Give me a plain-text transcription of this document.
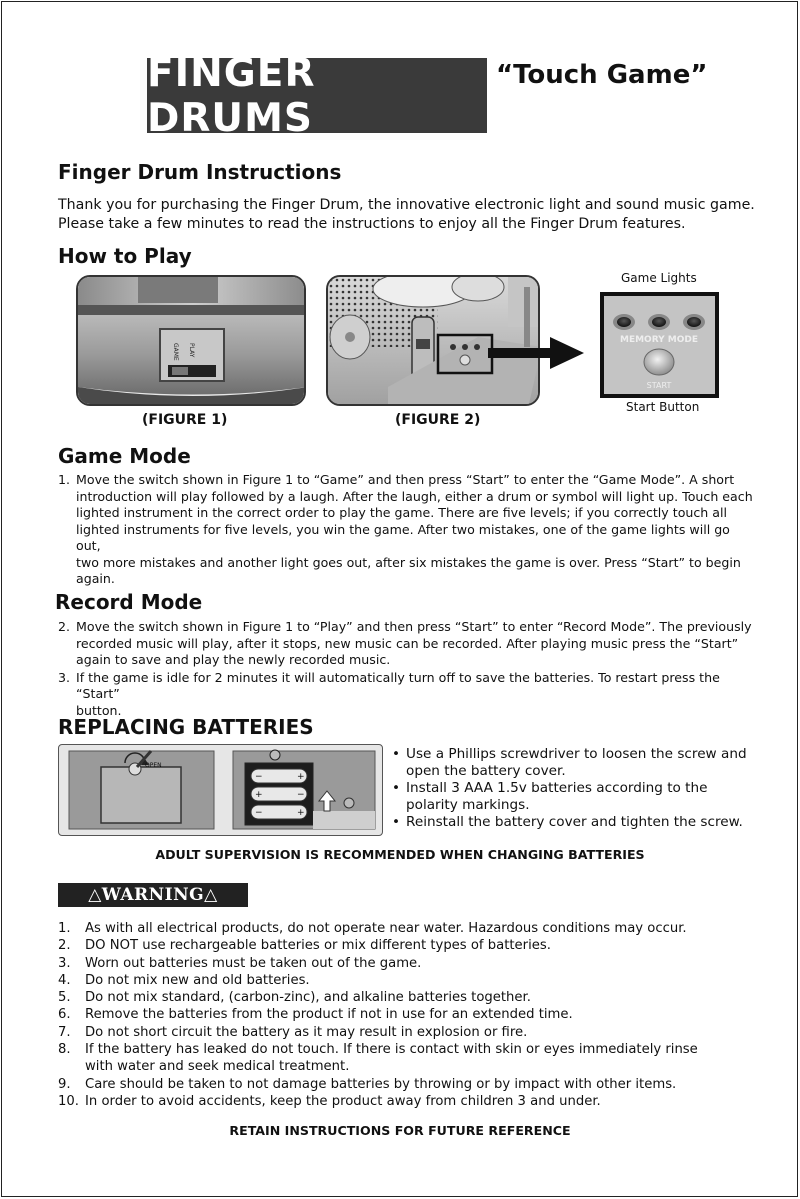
FINGER DRUMS
“Touch Game”
Finger Drum Instructions
Thank you for purchasing the Finger Drum, the innovative electronic light and sound music game.
Please take a few minutes to read the instructions to enjoy all the Finger Drum features.
How to Play
GAME PLAY
(FIGURE 1)	(FIGURE 2)
Game Lights
MEMORY MODE
START
Start Button
Game Mode
1. Move the switch shown in Figure 1 to “Game” and then press “Start” to enter the “Game Mode”. A short
introduction will play followed by a laugh. After the laugh, either a drum or symbol will light up. Touch each
lighted instrument in the correct order to play the game. There are five levels; if you correctly touch all
lighted instruments for five levels, you win the game. After two mistakes, one of the game lights will go out,
two more mistakes and another light goes out, after six mistakes the game is over. Press “Start” to begin
again.
Record Mode
2. Move the switch shown in Figure 1 to “Play” and then press “Start” to enter “Record Mode”. The previously
recorded music will play, after it stops, new music can be recorded. After playing music press the “Start”
again to save and play the newly recorded music.
3. If the game is idle for 2 minutes it will automatically turn off to save the batteries. To restart press the “Start”
button.
REPLACING BATTERIES
OPEN
−	+
+	−
−	+
• Use a Phillips screwdriver to loosen the screw and
open the battery cover.
• Install 3 AAA 1.5v batteries according to the
polarity markings.
• Reinstall the battery cover and tighten the screw.
ADULT SUPERVISION IS RECOMMENDED WHEN CHANGING BATTERIES
△WARNING△
1. As with all electrical products, do not operate near water. Hazardous conditions may occur.
2. DO NOT use rechargeable batteries or mix different types of batteries.
3. Worn out batteries must be taken out of the game.
4. Do not mix new and old batteries.
5. Do not mix standard, (carbon-zinc), and alkaline batteries together.
6. Remove the batteries from the product if not in use for an extended time.
7. Do not short circuit the battery as it may result in explosion or fire.
8. If the battery has leaked do not touch. If there is contact with skin or eyes immediately rinse
with water and seek medical treatment.
9. Care should be taken to not damage batteries by throwing or by impact with other items.
10. In order to avoid accidents, keep the product away from children 3 and under.
RETAIN INSTRUCTIONS FOR FUTURE REFERENCE
